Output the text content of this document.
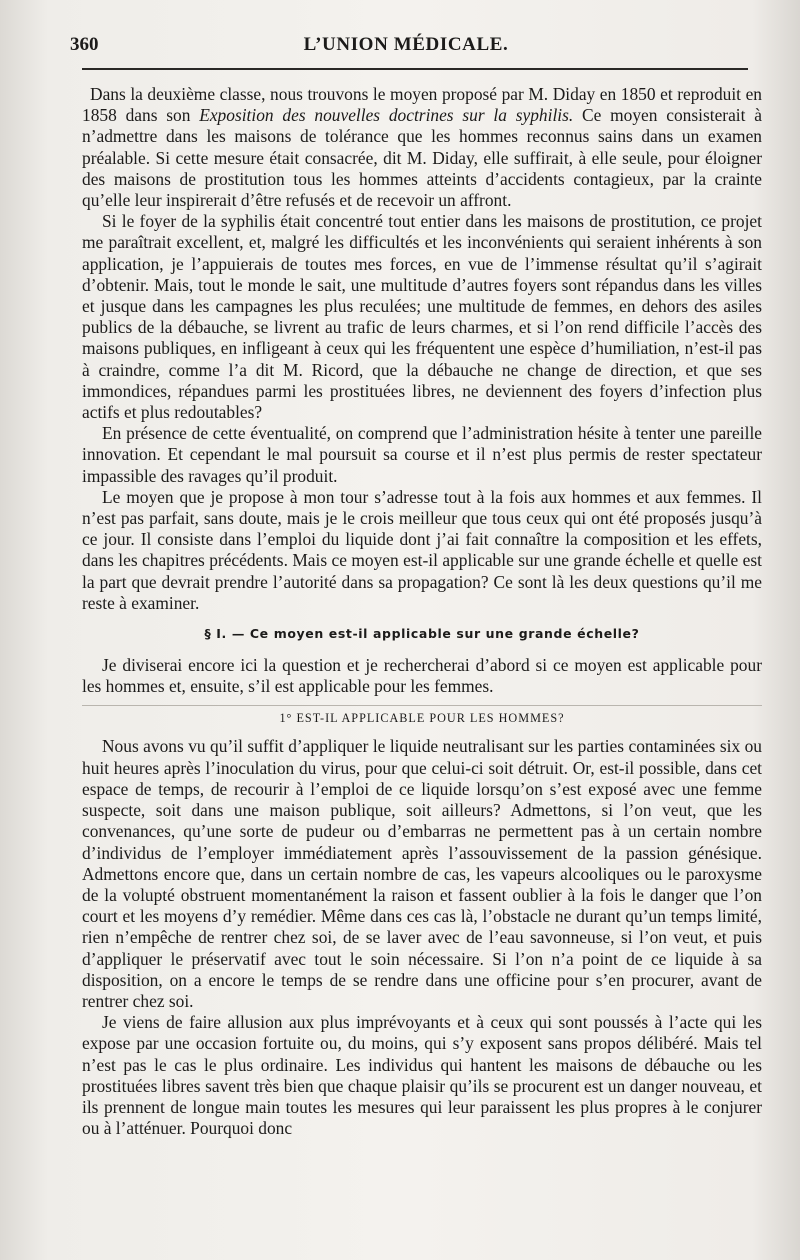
360	L’UNION MÉDICALE.

Dans la deuxième classe, nous trouvons le moyen proposé par M. Diday en 1850 et reproduit en 1858 dans son Exposition des nouvelles doctrines sur la syphilis. Ce moyen consisterait à n’admettre dans les maisons de tolérance que les hommes reconnus sains dans un examen préalable. Si cette mesure était consacrée, dit M. Diday, elle suffirait, à elle seule, pour éloigner des maisons de prostitution tous les hommes atteints d’accidents contagieux, par la crainte qu’elle leur inspirerait d’être refusés et de recevoir un affront.

Si le foyer de la syphilis était concentré tout entier dans les maisons de prostitution, ce projet me paraîtrait excellent, et, malgré les difficultés et les inconvénients qui seraient inhérents à son application, je l’appuierais de toutes mes forces, en vue de l’immense résultat qu’il s’agirait d’obtenir. Mais, tout le monde le sait, une multitude d’autres foyers sont répandus dans les villes et jusque dans les campagnes les plus reculées; une multitude de femmes, en dehors des asiles publics de la débauche, se livrent au trafic de leurs charmes, et si l’on rend difficile l’accès des maisons publiques, en infligeant à ceux qui les fréquentent une espèce d’humiliation, n’est-il pas à craindre, comme l’a dit M. Ricord, que la débauche ne change de direction, et que ses immondices, répandues parmi les prostituées libres, ne deviennent des foyers d’infection plus actifs et plus redoutables?

En présence de cette éventualité, on comprend que l’administration hésite à tenter une pareille innovation. Et cependant le mal poursuit sa course et il n’est plus permis de rester spectateur impassible des ravages qu’il produit.

Le moyen que je propose à mon tour s’adresse tout à la fois aux hommes et aux femmes. Il n’est pas parfait, sans doute, mais je le crois meilleur que tous ceux qui ont été proposés jusqu’à ce jour. Il consiste dans l’emploi du liquide dont j’ai fait connaître la composition et les effets, dans les chapitres précédents. Mais ce moyen est-il applicable sur une grande échelle et quelle est la part que devrait prendre l’autorité dans sa propagation? Ce sont là les deux questions qu’il me reste à examiner.

§ I. — Ce moyen est-il applicable sur une grande échelle?

Je diviserai encore ici la question et je rechercherai d’abord si ce moyen est applicable pour les hommes et, ensuite, s’il est applicable pour les femmes.

1° EST-IL APPLICABLE POUR LES HOMMES?

Nous avons vu qu’il suffit d’appliquer le liquide neutralisant sur les parties contaminées six ou huit heures après l’inoculation du virus, pour que celui-ci soit détruit. Or, est-il possible, dans cet espace de temps, de recourir à l’emploi de ce liquide lorsqu’on s’est exposé avec une femme suspecte, soit dans une maison publique, soit ailleurs? Admettons, si l’on veut, que les convenances, qu’une sorte de pudeur ou d’embarras ne permettent pas à un certain nombre d’individus de l’employer immédiatement après l’assouvissement de la passion génésique. Admettons encore que, dans un certain nombre de cas, les vapeurs alcooliques ou le paroxysme de la volupté obstruent momentanément la raison et fassent oublier à la fois le danger que l’on court et les moyens d’y remédier. Même dans ces cas là, l’obstacle ne durant qu’un temps limité, rien n’empêche de rentrer chez soi, de se laver avec de l’eau savonneuse, si l’on veut, et puis d’appliquer le préservatif avec tout le soin nécessaire. Si l’on n’a point de ce liquide à sa disposition, on a encore le temps de se rendre dans une officine pour s’en procurer, avant de rentrer chez soi.

Je viens de faire allusion aux plus imprévoyants et à ceux qui sont poussés à l’acte qui les expose par une occasion fortuite ou, du moins, qui s’y exposent sans propos délibéré. Mais tel n’est pas le cas le plus ordinaire. Les individus qui hantent les maisons de débauche ou les prostituées libres savent très bien que chaque plaisir qu’ils se procurent est un danger nouveau, et ils prennent de longue main toutes les mesures qui leur paraissent les plus propres à le conjurer ou à l’atténuer. Pourquoi donc
